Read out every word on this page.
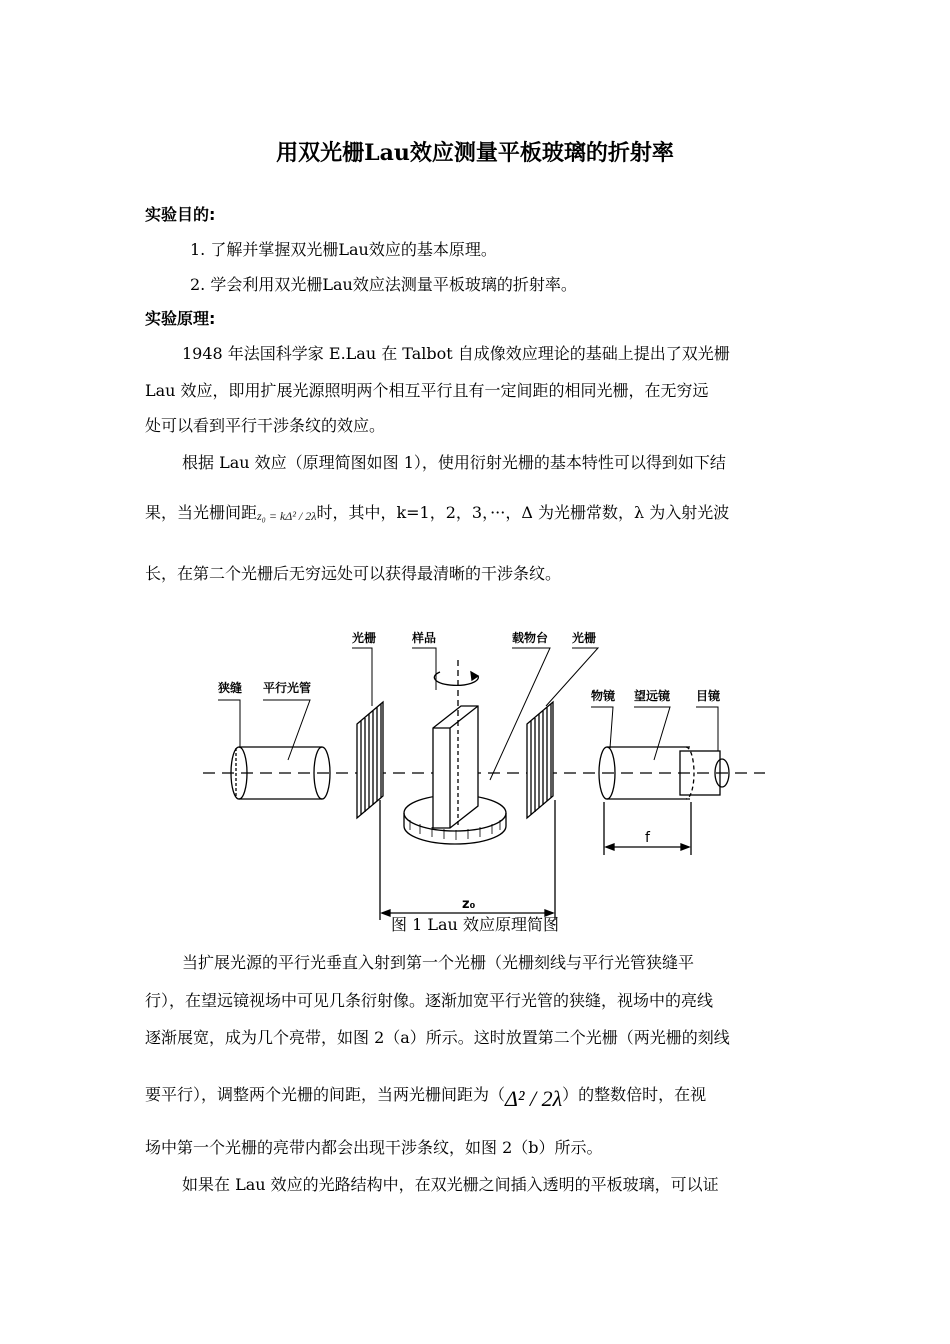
用双光栅Lau效应测量平板玻璃的折射率
实验目的:
1. 了解并掌握双光栅Lau效应的基本原理。
2. 学会利用双光栅Lau效应法测量平板玻璃的折射率。
实验原理:
1948 年法国科学家 E.Lau 在 Talbot 自成像效应理论的基础上提出了双光栅
Lau 效应，即用扩展光源照明两个相互平行且有一定间距的相同光栅，在无穷远
处可以看到平行干涉条纹的效应。
根据 Lau 效应（原理简图如图 1），使用衍射光栅的基本特性可以得到如下结
果，当光栅间距z₀ = kΔ² / 2λ时，其中，k=1，2，3，···，Δ 为光栅常数，λ 为入射光波
长，在第二个光栅后无穷远处可以获得最清晰的干涉条纹。
狭缝 平行光管
光栅	样品	载物台 光栅
物镜 望远镜 目镜
f
z₀
图 1 Lau 效应原理简图
当扩展光源的平行光垂直入射到第一个光栅（光栅刻线与平行光管狭缝平
行），在望远镜视场中可见几条衍射像。逐渐加宽平行光管的狭缝，视场中的亮线
逐渐展宽，成为几个亮带，如图 2（a）所示。这时放置第二个光栅（两光栅的刻线
要平行），调整两个光栅的间距，当两光栅间距为（Δ² / 2λ）的整数倍时，在视
场中第一个光栅的亮带内都会出现干涉条纹，如图 2（b）所示。
如果在 Lau 效应的光路结构中，在双光栅之间插入透明的平板玻璃，可以证
